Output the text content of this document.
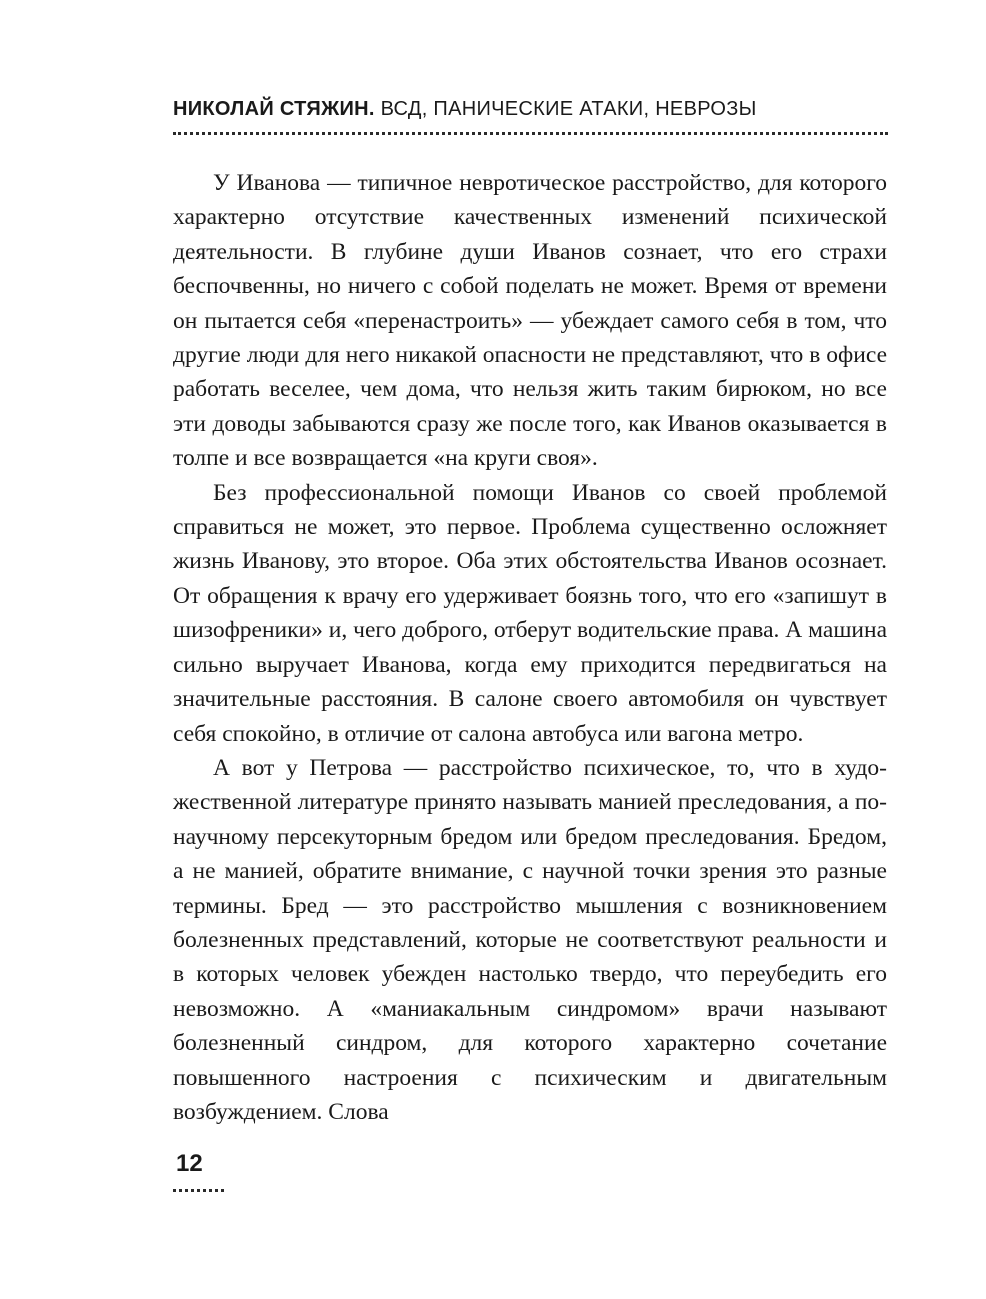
НИКОЛАЙ СТЯЖИН. ВСД, ПАНИЧЕСКИЕ АТАКИ, НЕВРОЗЫ

У Иванова — типичное невротическое расстройство, для которого характерно отсутствие качественных изменений психической деятельности. В глубине души Иванов сознает, что его страхи беспочвенны, но ничего с собой поделать не может. Время от времени он пытается себя «перенастроить» — убеждает самого себя в том, что другие люди для него никакой опасности не представляют, что в офисе работать веселее, чем дома, что нельзя жить таким бирюком, но все эти доводы забываются сразу же после того, как Иванов оказывается в толпе и все возвращается «на круги своя».

Без профессиональной помощи Иванов со своей проблемой справиться не может, это первое. Проблема существенно осложняет жизнь Иванову, это второе. Оба этих обстоятельства Иванов осознает. От обращения к врачу его удерживает боязнь того, что его «запишут в шизофреники» и, чего доброго, отберут водительские права. А машина сильно выручает Иванова, когда ему приходится передвигаться на значительные расстояния. В салоне своего автомобиля он чувствует себя спокойно, в отличие от салона автобуса или вагона метро.

А вот у Петрова — расстройство психическое, то, что в художественной литературе принято называть манией преследования, а по-научному персекуторным бредом или бредом преследования. Бредом, а не манией, обратите внимание, с научной точки зрения это разные термины. Бред — это расстройство мышления с возникновением болезненных представлений, которые не соответствуют реальности и в которых человек убежден настолько твердо, что переубедить его невозможно. А «маниакальным синдромом» врачи называют болезненный синдром, для которого характерно сочетание повышенного настроения с психическим и двигательным возбуждением. Слова

12
